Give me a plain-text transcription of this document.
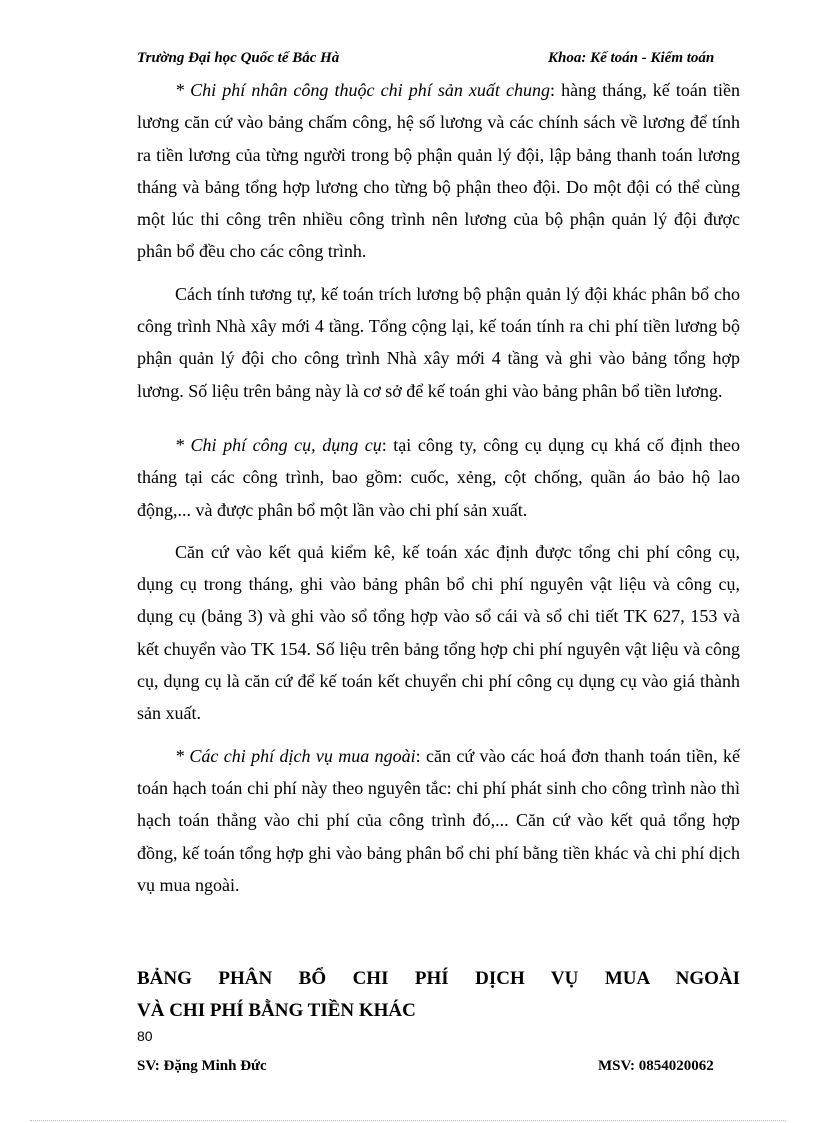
Trường Đại học Quốc tế Bắc Hà	Khoa: Kế toán - Kiểm toán

* Chi phí nhân công thuộc chi phí sản xuất chung: hàng tháng, kế toán tiền lương căn cứ vào bảng chấm công, hệ số lương và các chính sách về lương để tính ra tiền lương của từng người trong bộ phận quản lý đội, lập bảng thanh toán lương tháng và bảng tổng hợp lương cho từng bộ phận theo đội. Do một đội có thể cùng một lúc thi công trên nhiều công trình nên lương của bộ phận quản lý đội được phân bổ đều cho các công trình.

Cách tính tương tự, kế toán trích lương bộ phận quản lý đội khác phân bổ cho công trình Nhà xây mới 4 tầng. Tổng cộng lại, kế toán tính ra chi phí tiền lương bộ phận quản lý đội cho công trình Nhà xây mới 4 tầng và ghi vào bảng tổng hợp lương. Số liệu trên bảng này là cơ sở để kế toán ghi vào bảng phân bổ tiền lương.

* Chi phí công cụ, dụng cụ: tại công ty, công cụ dụng cụ khá cố định theo tháng tại các công trình, bao gồm: cuốc, xẻng, cột chống, quần áo bảo hộ lao động,... và được phân bổ một lần vào chi phí sản xuất.

Căn cứ vào kết quả kiểm kê, kế toán xác định được tổng chi phí công cụ, dụng cụ trong tháng, ghi vào bảng phân bổ chi phí nguyên vật liệu và công cụ, dụng cụ (bảng 3) và ghi vào sổ tổng hợp vào sổ cái và sổ chi tiết TK 627, 153 và kết chuyển vào TK 154. Số liệu trên bảng tổng hợp chi phí nguyên vật liệu và công cụ, dụng cụ là căn cứ để kế toán kết chuyển chi phí công cụ dụng cụ vào giá thành sản xuất.

* Các chi phí dịch vụ mua ngoài: căn cứ vào các hoá đơn thanh toán tiền, kế toán hạch toán chi phí này theo nguyên tắc: chi phí phát sinh cho công trình nào thì hạch toán thẳng vào chi phí của công trình đó,... Căn cứ vào kết quả tổng hợp đồng, kế toán tổng hợp ghi vào bảng phân bổ chi phí bằng tiền khác và chi phí dịch vụ mua ngoài.

BẢNG PHÂN BỔ CHI PHÍ DỊCH VỤ MUA NGOÀI
VÀ CHI PHÍ BẰNG TIỀN KHÁC
80
SV: Đặng Minh Đức	MSV: 0854020062
